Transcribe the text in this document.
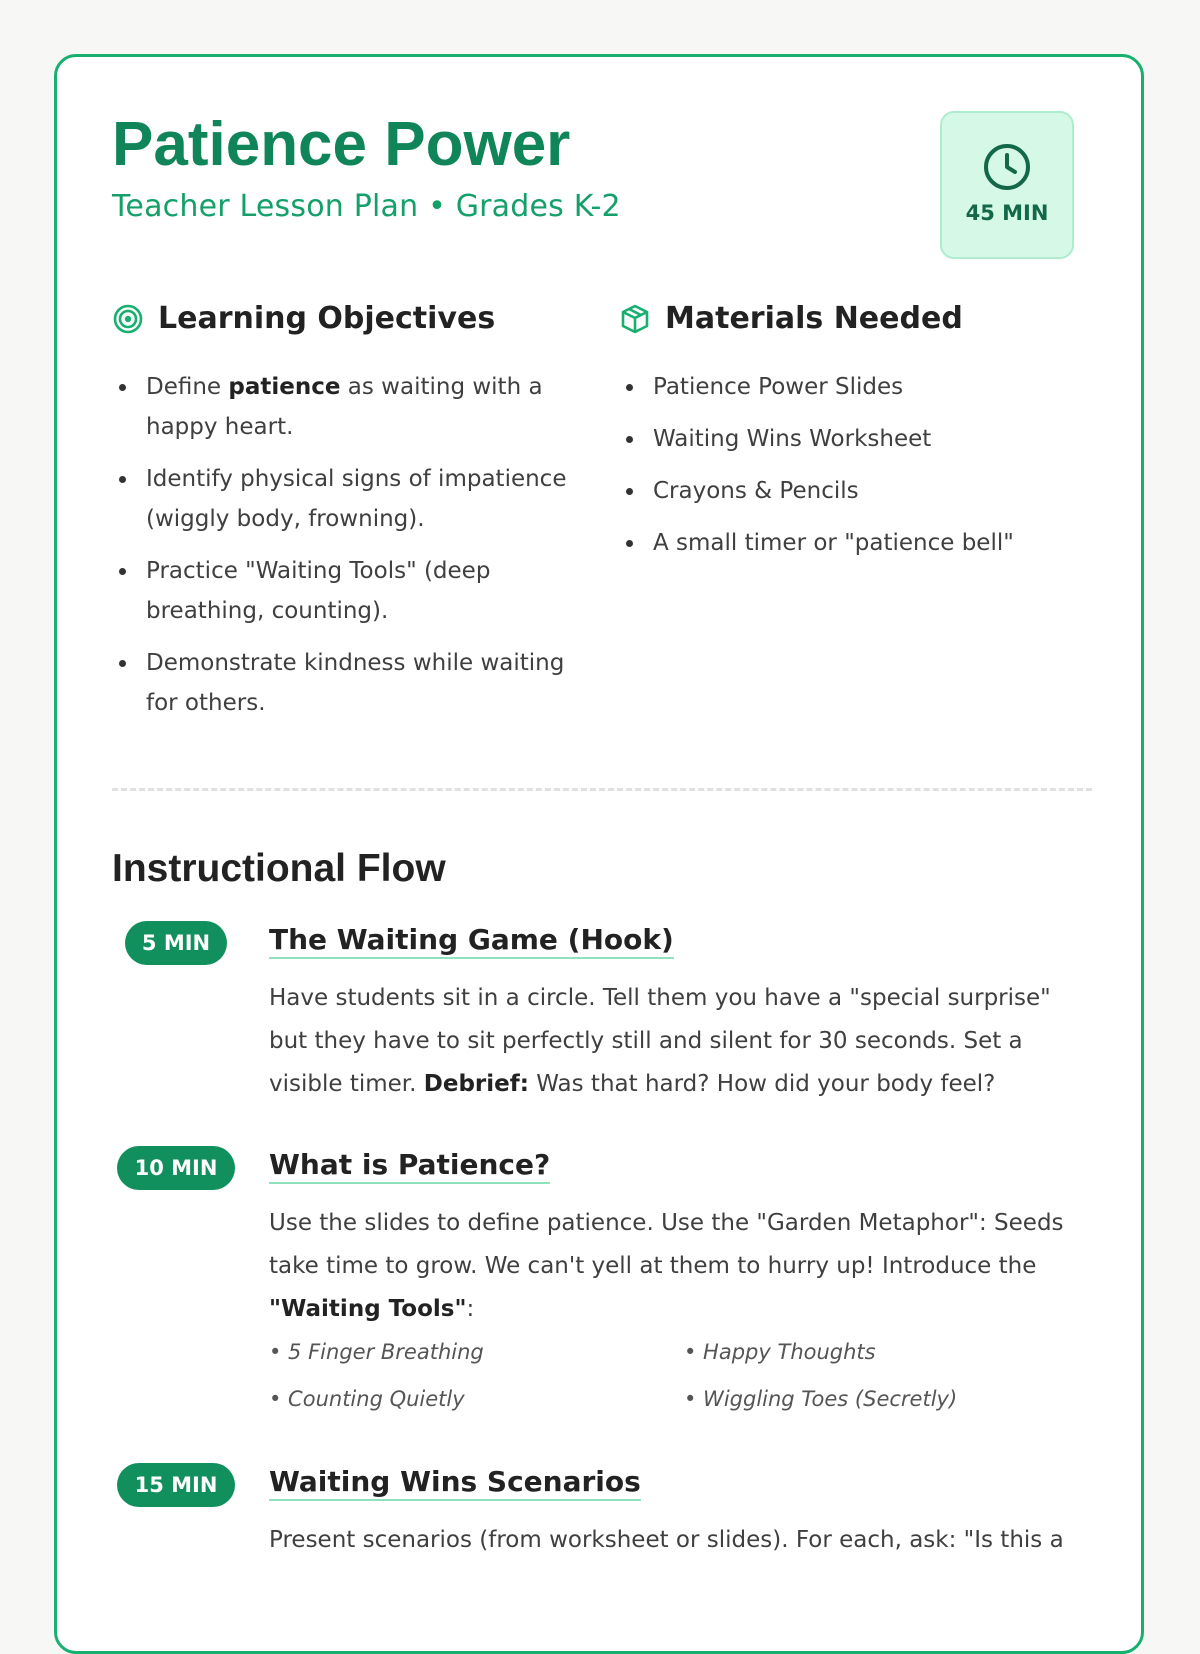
Patience Power
Teacher Lesson Plan • Grades K-2	45 MIN
Learning Objectives
Define patience as waiting with a happy heart.
Identify physical signs of impatience (wiggly body, frowning).
Practice "Waiting Tools" (deep breathing, counting).
Demonstrate kindness while waiting for others.
Materials Needed
Patience Power Slides
Waiting Wins Worksheet
Crayons & Pencils
A small timer or "patience bell"
Instructional Flow
5 MIN	The Waiting Game (Hook)
Have students sit in a circle. Tell them you have a "special surprise" but they have to sit perfectly still and silent for 30 seconds. Set a visible timer. Debrief: Was that hard? How did your body feel?
10 MIN	What is Patience?
Use the slides to define patience. Use the "Garden Metaphor": Seeds take time to grow. We can't yell at them to hurry up! Introduce the "Waiting Tools":
• 5 Finger Breathing	• Happy Thoughts
• Counting Quietly	• Wiggling Toes (Secretly)
15 MIN	Waiting Wins Scenarios
Present scenarios (from worksheet or slides). For each, ask: "Is this a
